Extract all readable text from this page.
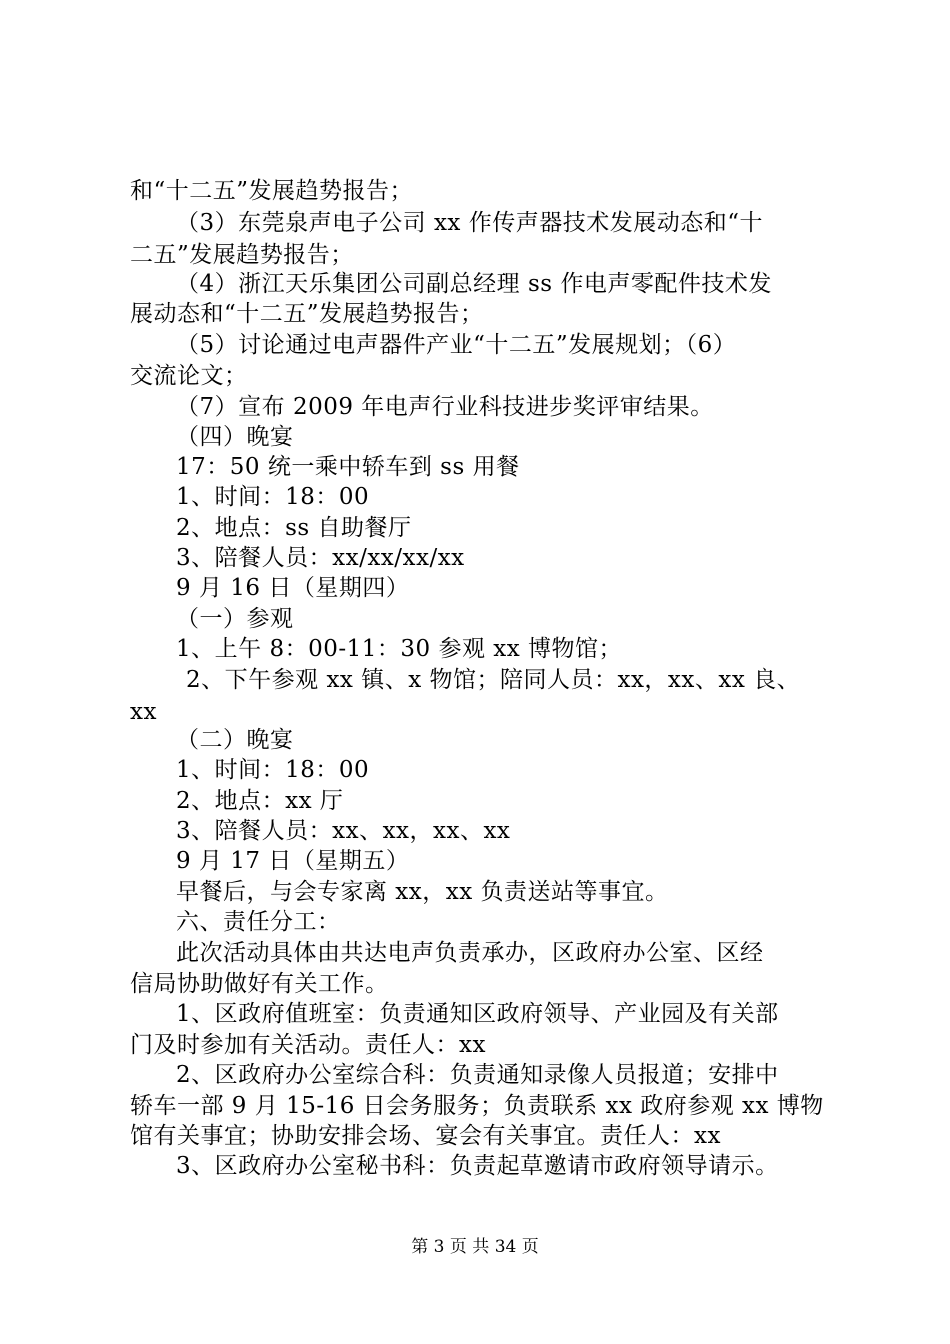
和“十二五”发展趋势报告；
（3）东莞泉声电子公司 xx 作传声器技术发展动态和“十
二五”发展趋势报告；
（4）浙江天乐集团公司副总经理 ss 作电声零配件技术发
展动态和“十二五”发展趋势报告；
（5）讨论通过电声器件产业“十二五”发展规划；（6）
交流论文；
（7）宣布 2009 年电声行业科技进步奖评审结果。
（四）晚宴
17：50 统一乘中轿车到 ss 用餐
1、时间：18：00
2、地点：ss 自助餐厅
3、陪餐人员：xx/xx/xx/xx
9 月 16 日（星期四）
（一）参观
1、上午 8：00-11：30 参观 xx 博物馆；
2、下午参观 xx 镇、x 物馆；陪同人员：xx，xx、xx 良、
xx
（二）晚宴
1、时间：18：00
2、地点：xx 厅
3、陪餐人员：xx、xx，xx、xx
9 月 17 日（星期五）
早餐后，与会专家离 xx，xx 负责送站等事宜。
六、责任分工：
此次活动具体由共达电声负责承办，区政府办公室、区经
信局协助做好有关工作。
1、区政府值班室：负责通知区政府领导、产业园及有关部
门及时参加有关活动。责任人：xx
2、区政府办公室综合科：负责通知录像人员报道；安排中
轿车一部 9 月 15-16 日会务服务；负责联系 xx 政府参观 xx 博物
馆有关事宜；协助安排会场、宴会有关事宜。责任人：xx
3、区政府办公室秘书科：负责起草邀请市政府领导请示。
第 3 页 共 34 页
